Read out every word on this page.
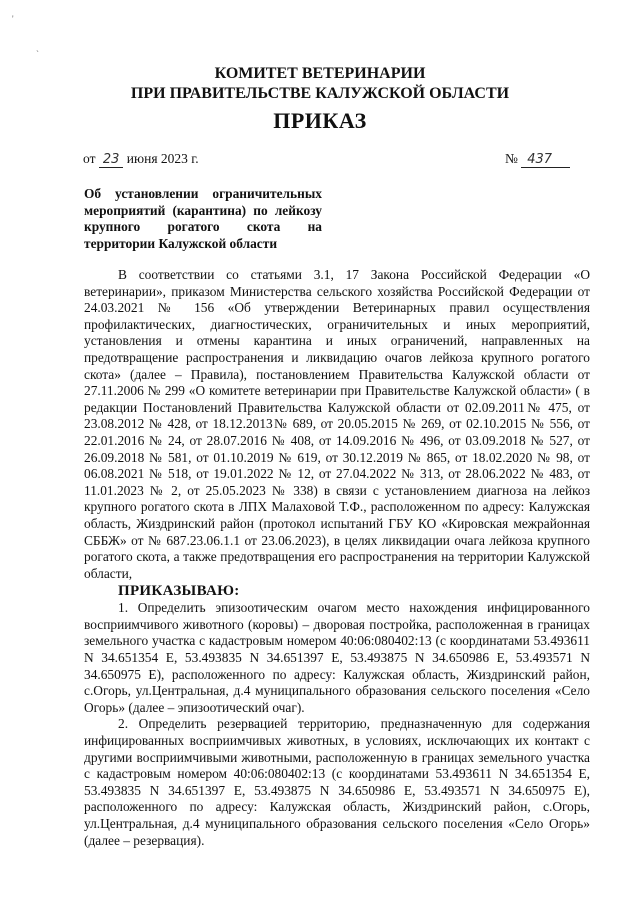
'
ˏ
КОМИТЕТ ВЕТЕРИНАРИИ
ПРИ ПРАВИТЕЛЬСТВЕ КАЛУЖСКОЙ ОБЛАСТИ
ПРИКАЗ
от 23 июня 2023 г.	№ 437
Об установлении ограничительных мероприятий (карантина) по лейкозу крупного рогатого скота на территории Калужской области

В соответствии со статьями 3.1, 17 Закона Российской Федерации «О ветеринарии», приказом Министерства сельского хозяйства Российской Федерации от 24.03.2021 № 156 «Об утверждении Ветеринарных правил осуществления профилактических, диагностических, ограничительных и иных мероприятий, установления и отмены карантина и иных ограничений, направленных на предотвращение распространения и ликвидацию очагов лейкоза крупного рогатого скота» (далее – Правила), постановлением Правительства Калужской области от 27.11.2006 № 299 «О комитете ветеринарии при Правительстве Калужской области» ( в редакции Постановлений Правительства Калужской области от 02.09.2011№ 475, от 23.08.2012 № 428, от 18.12.2013№ 689, от 20.05.2015 № 269, от 02.10.2015 № 556, от 22.01.2016 № 24, от 28.07.2016 № 408, от 14.09.2016 № 496, от 03.09.2018 № 527, от 26.09.2018 № 581, от 01.10.2019 № 619, от 30.12.2019 № 865, от 18.02.2020 № 98, от 06.08.2021 № 518, от 19.01.2022 № 12, от 27.04.2022 № 313, от 28.06.2022 № 483, от 11.01.2023 № 2, от 25.05.2023 № 338) в связи с установлением диагноза на лейкоз крупного рогатого скота в ЛПХ Малаховой Т.Ф., расположенном по адресу: Калужская область, Жиздринский район (протокол испытаний ГБУ КО «Кировская межрайонная СББЖ» от № 687.23.06.1.1 от 23.06.2023), в целях ликвидации очага лейкоза крупного рогатого скота, а также предотвращения его распространения на территории Калужской области,

ПРИКАЗЫВАЮ:

1. Определить эпизоотическим очагом место нахождения инфицированного восприимчивого животного (коровы) – дворовая постройка, расположенная в границах земельного участка с кадастровым номером 40:06:080402:13 (с координатами 53.493611 N 34.651354 E, 53.493835 N 34.651397 E, 53.493875 N 34.650986 E, 53.493571 N 34.650975 E), расположенного по адресу: Калужская область, Жиздринский район, с.Огорь, ул.Центральная, д.4 муниципального образования сельского поселения «Село Огорь» (далее – эпизоотический очаг).

2. Определить резервацией территорию, предназначенную для содержания инфицированных восприимчивых животных, в условиях, исключающих их контакт с другими восприимчивыми животными, расположенную в границах земельного участка с кадастровым номером 40:06:080402:13 (с координатами 53.493611 N 34.651354 E, 53.493835 N 34.651397 E, 53.493875 N 34.650986 E, 53.493571 N 34.650975 E), расположенного по адресу: Калужская область, Жиздринский район, с.Огорь, ул.Центральная, д.4 муниципального образования сельского поселения «Село Огорь» (далее – резервация).
